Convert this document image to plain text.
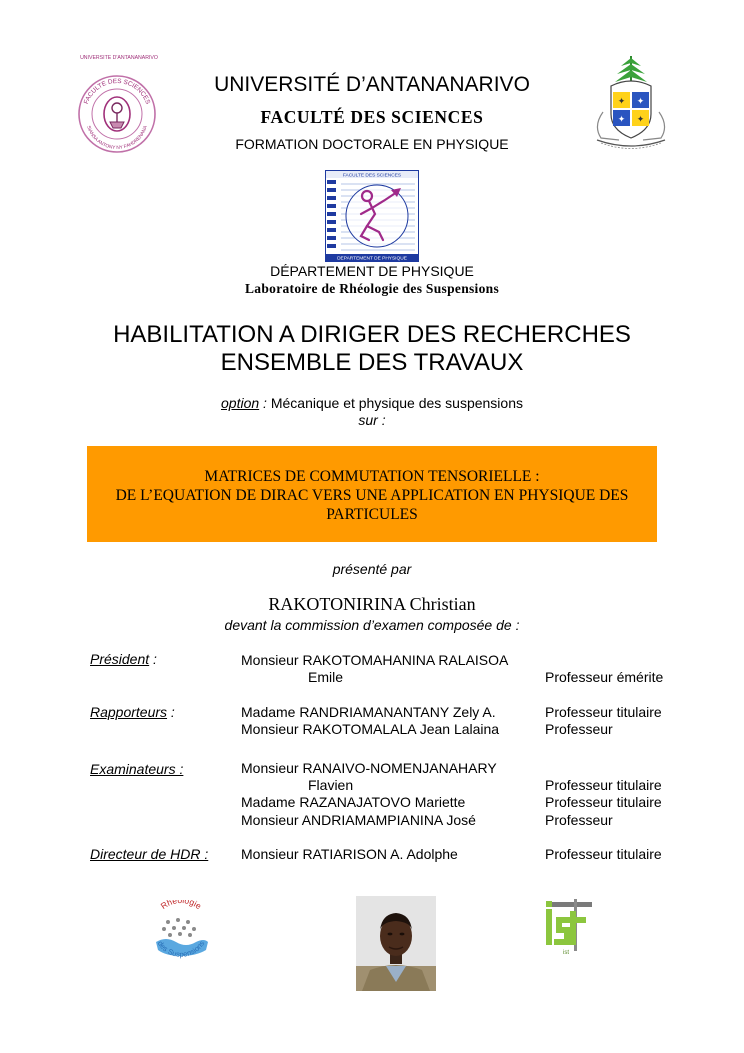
UNIVERSITE D'ANTANANARIVO
FACULTE DES SCIENCES
SIANSA ANTONY NY FAHDRENANA
UNIVERSITÉ D’ANTANANARIVO
FACULTÉ DES SCIENCES
FORMATION DOCTORALE EN PHYSIQUE
✦
✦
✦
✦
FACULTE DES SCIENCES
DEPARTEMENT DE PHYSIQUE
DÉPARTEMENT DE PHYSIQUE
Laboratoire de Rhéologie des Suspensions
HABILITATION A DIRIGER DES RECHERCHES
ENSEMBLE DES TRAVAUX
option : Mécanique et physique des suspensions
sur :
MATRICES DE COMMUTATION TENSORIELLE :
DE L’EQUATION DE DIRAC VERS UNE APPLICATION EN PHYSIQUE DES
PARTICULES
présenté par
RAKOTONIRINA Christian
devant la commission d’examen composée de :
Président :	Monsieur RAKOTOMAHANINA RALAISOA
Emile	Professeur émérite
Rapporteurs :	Madame RANDRIAMANANTANY Zely A.	Professeur titulaire
Monsieur RAKOTOMALALA Jean Lalaina	Professeur
Examinateurs :	Monsieur RANAIVO-NOMENJANAHARY
Flavien	Professeur titulaire
Madame RAZANAJATOVO Mariette	Professeur titulaire
Monsieur ANDRIAMAMPIANINA José	Professeur
Directeur de HDR : Monsieur RATIARISON A. Adolphe	Professeur titulaire
Rhéologie
des Suspensions
ist
